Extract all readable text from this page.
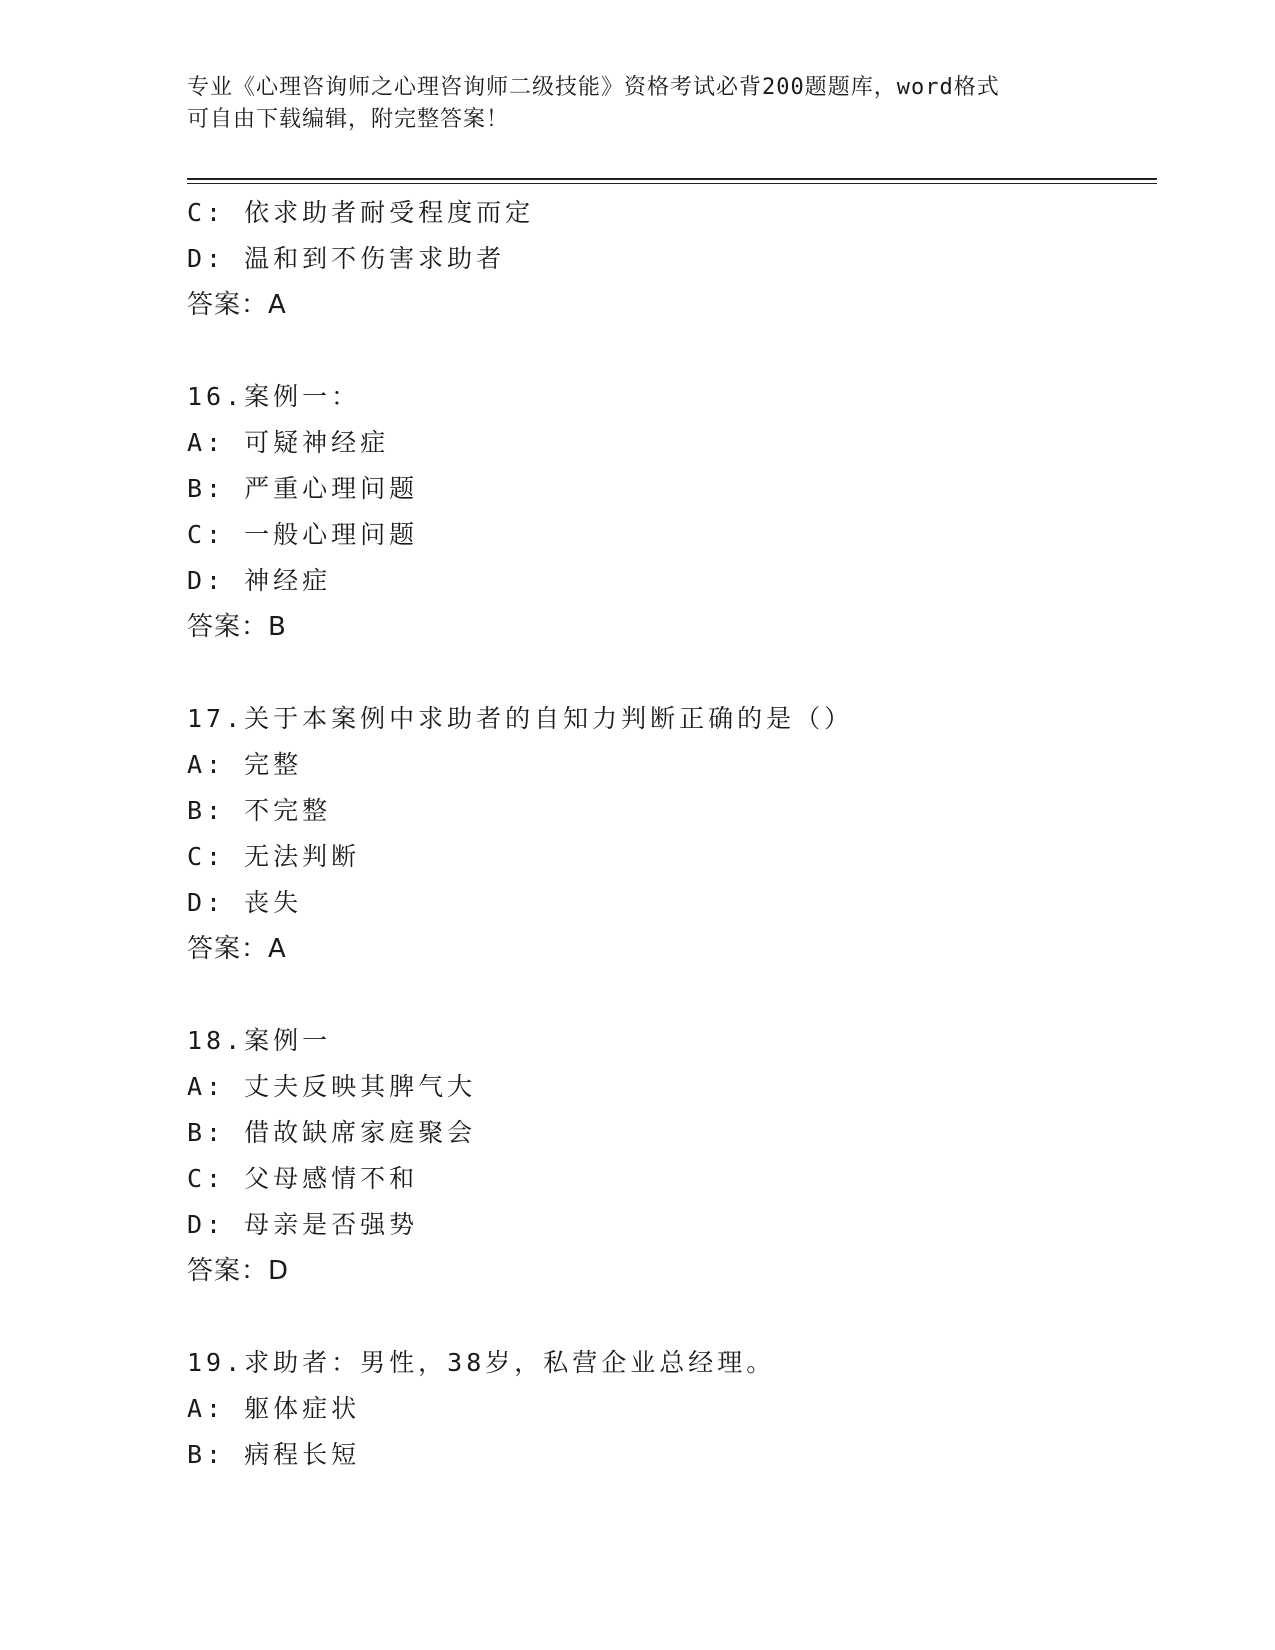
专业《心理咨询师之心理咨询师二级技能》资格考试必背200题题库，word格式
可自由下载编辑，附完整答案！
C: 依求助者耐受程度而定
D: 温和到不伤害求助者
答案：A
16.案例一：
A: 可疑神经症
B: 严重心理问题
C: 一般心理问题
D: 神经症
答案：B
17.关于本案例中求助者的自知力判断正确的是（）
A: 完整
B: 不完整
C: 无法判断
D: 丧失
答案：A
18.案例一
A: 丈夫反映其脾气大
B: 借故缺席家庭聚会
C: 父母感情不和
D: 母亲是否强势
答案：D
19.求助者：男性，38岁，私营企业总经理。
A: 躯体症状
B: 病程长短
